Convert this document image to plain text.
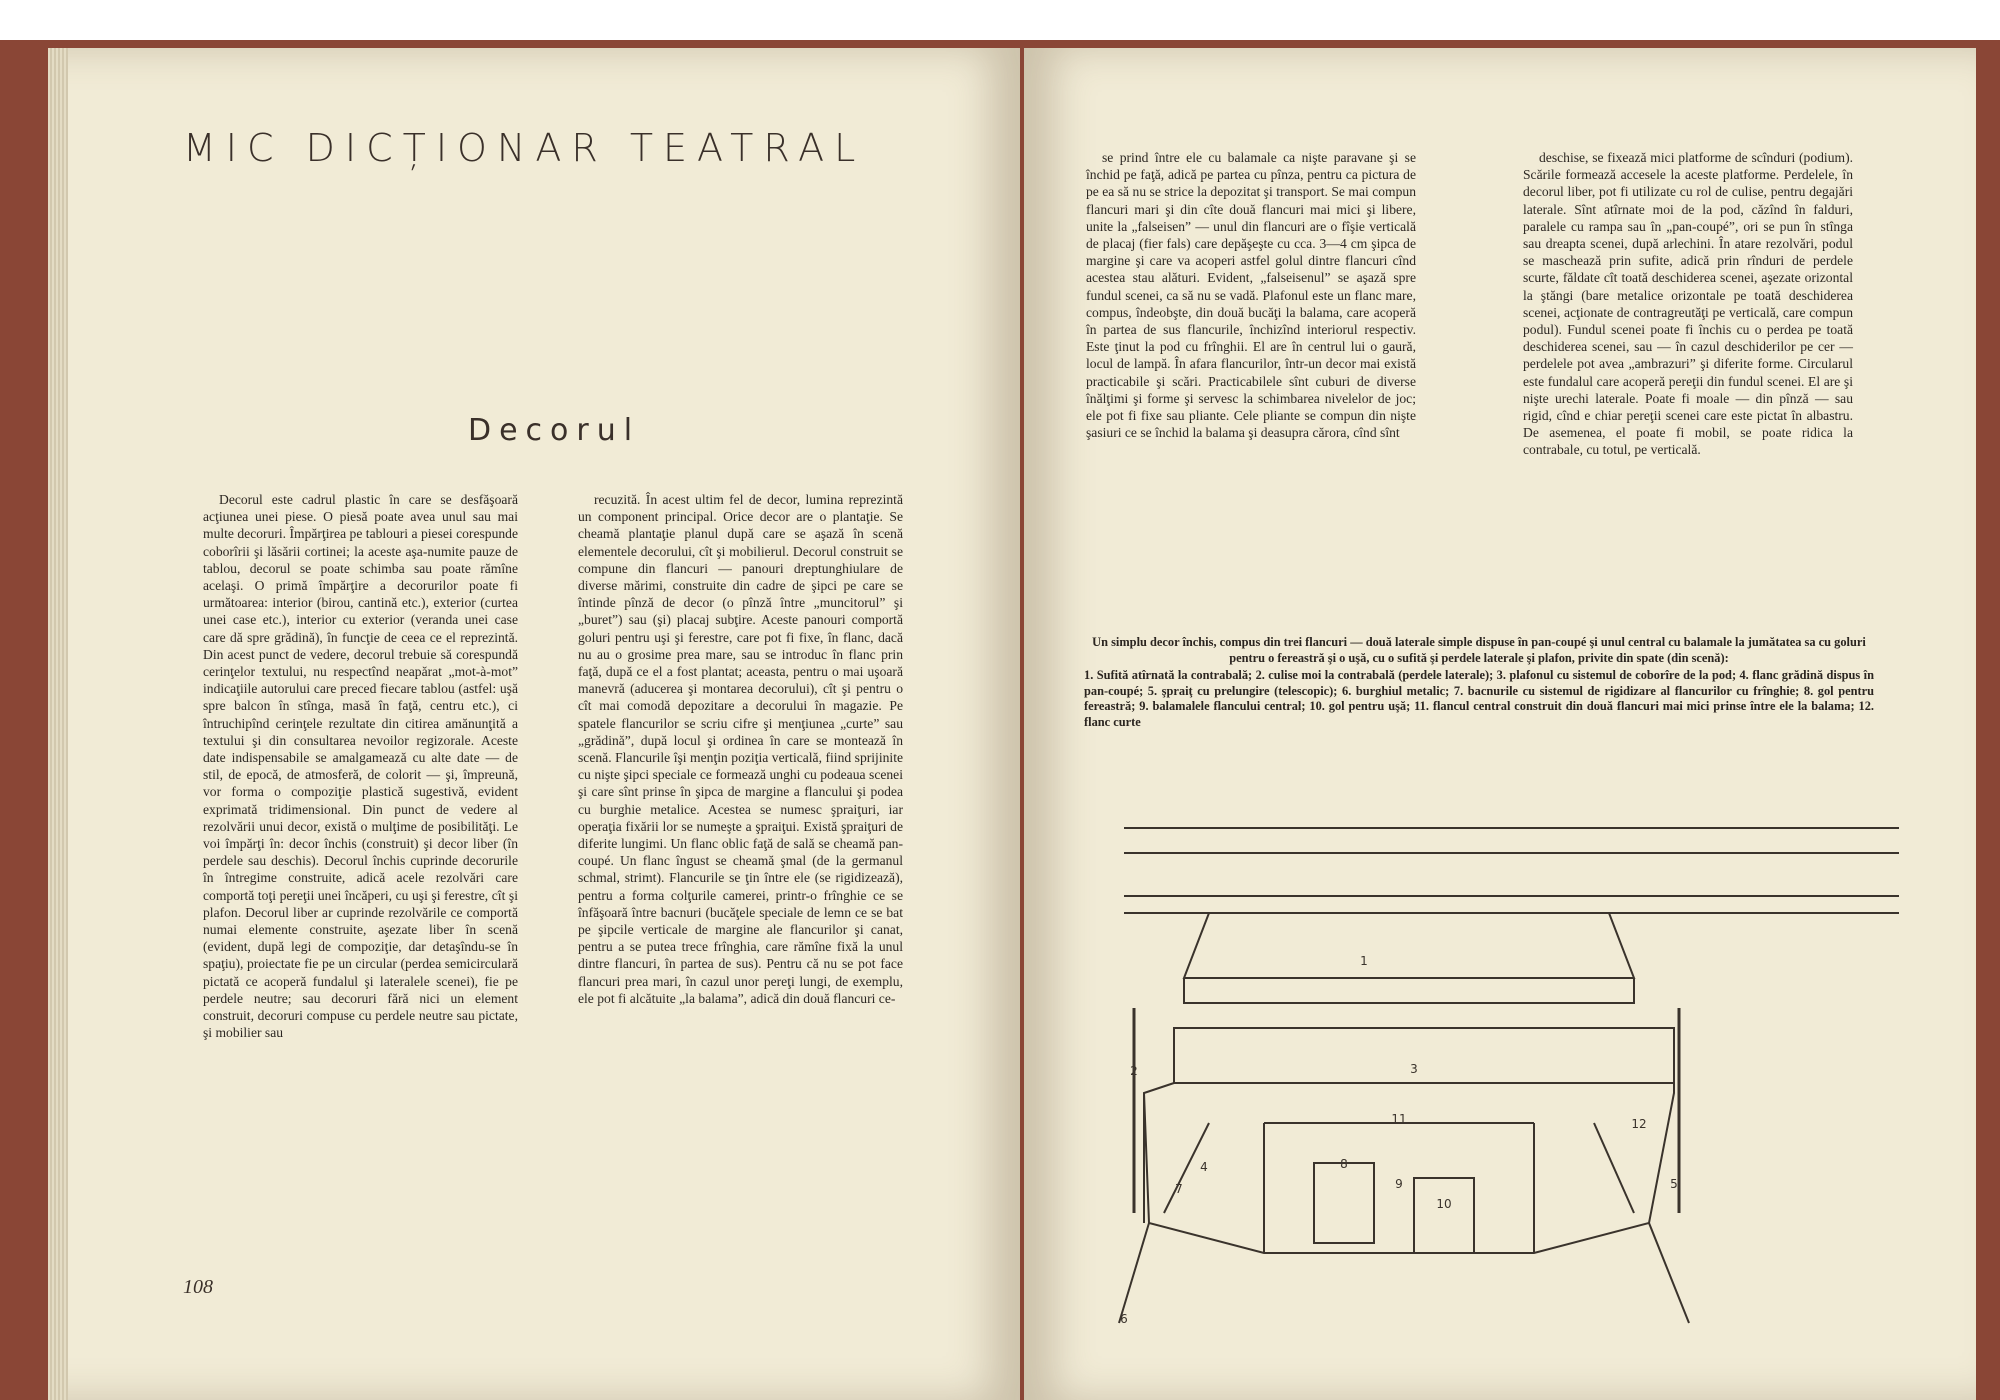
MIC DICȚIONAR TEATRAL
Decorul

Decorul este cadrul plastic în care se desfăşoară acţiunea unei piese. O piesă poate avea unul sau mai multe decoruri. Împărţirea pe tablouri a piesei corespunde coborîrii şi lăsării cortinei; la aceste aşa-numite pauze de tablou, decorul se poate schimba sau poate rămîne acelaşi. O primă împărţire a decorurilor poate fi următoarea: interior (birou, cantină etc.), exterior (curtea unei case etc.), interior cu exterior (veranda unei case care dă spre grădină), în funcţie de ceea ce el reprezintă. Din acest punct de vedere, decorul trebuie să corespundă cerinţelor textului, nu respectînd neapărat „mot-à-mot” indicaţiile autorului care preced fiecare tablou (astfel: uşă spre balcon în stînga, masă în faţă, centru etc.), ci întruchipînd cerinţele rezultate din citirea amănunţită a textului şi din consultarea nevoilor regizorale. Aceste date indispensabile se amalgamează cu alte date — de stil, de epocă, de atmosferă, de colorit — şi, împreună, vor forma o compoziţie plastică sugestivă, evident exprimată tridimensional. Din punct de vedere al rezolvării unui decor, există o mulţime de posibilităţi. Le voi împărţi în: decor închis (construit) şi decor liber (în perdele sau deschis). Decorul închis cuprinde decorurile în întregime construite, adică acele rezolvări care comportă toţi pereţii unei încăperi, cu uşi şi ferestre, cît şi plafon. Decorul liber ar cuprinde rezolvările ce comportă numai elemente construite, aşezate liber în scenă (evident, după legi de compoziţie, dar detaşîndu-se în spaţiu), proiectate fie pe un circular (perdea semicirculară pictată ce acoperă fundalul şi lateralele scenei), fie pe perdele neutre; sau decoruri fără nici un element construit, decoruri compuse cu perdele neutre sau pictate, şi mobilier sau

recuzită. În acest ultim fel de decor, lumina reprezintă un component principal. Orice decor are o plantaţie. Se cheamă plantaţie planul după care se aşază în scenă elementele decorului, cît şi mobilierul. Decorul construit se compune din flancuri — panouri dreptunghiulare de diverse mărimi, construite din cadre de şipci pe care se întinde pînză de decor (o pînză între „muncitorul” şi „buret”) sau (şi) placaj subţire. Aceste panouri comportă goluri pentru uşi şi ferestre, care pot fi fixe, în flanc, dacă nu au o grosime prea mare, sau se introduc în flanc prin faţă, după ce el a fost plantat; aceasta, pentru o mai uşoară manevră (aducerea şi montarea decorului), cît şi pentru o cît mai comodă depozitare a decorului în magazie. Pe spatele flancurilor se scriu cifre şi menţiunea „curte” sau „grădină”, după locul şi ordinea în care se montează în scenă. Flancurile îşi menţin poziţia verticală, fiind sprijinite cu nişte şipci speciale ce formează unghi cu podeaua scenei şi care sînt prinse în şipca de margine a flancului şi podea cu burghie metalice. Acestea se numesc şpraiţuri, iar operaţia fixării lor se numeşte a şpraiţui. Există şpraiţuri de diferite lungimi. Un flanc oblic faţă de sală se cheamă pan-coupé. Un flanc îngust se cheamă şmal (de la germanul schmal, strimt). Flancurile se ţin între ele (se rigidizează), pentru a forma colţurile camerei, printr-o frînghie ce se înfăşoară între bacnuri (bucăţele speciale de lemn ce se bat pe şipcile verticale de margine ale flancurilor şi canat, pentru a se putea trece frînghia, care rămîne fixă la unul dintre flancuri, în partea de sus). Pentru că nu se pot face flancuri prea mari, în cazul unor pereţi lungi, de exemplu, ele pot fi alcătuite „la balama”, adică din două flancuri ce-

108

se prind între ele cu balamale ca nişte paravane şi se închid pe faţă, adică pe partea cu pînza, pentru ca pictura de pe ea să nu se strice la depozitat şi transport. Se mai compun flancuri mari şi din cîte două flancuri mai mici şi libere, unite la „falseisen” — unul din flancuri are o fîşie verticală de placaj (fier fals) care depăşeşte cu cca. 3—4 cm şipca de margine şi care va acoperi astfel golul dintre flancuri cînd acestea stau alături. Evident, „falseisenul” se aşază spre fundul scenei, ca să nu se vadă. Plafonul este un flanc mare, compus, îndeobşte, din două bucăţi la balama, care acoperă în partea de sus flancurile, închizînd interiorul respectiv. Este ţinut la pod cu frînghii. El are în centrul lui o gaură, locul de lampă. În afara flancurilor, într-un decor mai există practicabile şi scări. Practicabilele sînt cuburi de diverse înălţimi şi forme şi servesc la schimbarea nivelelor de joc; ele pot fi fixe sau pliante. Cele pliante se compun din nişte şasiuri ce se închid la balama şi deasupra cărora, cînd sînt

deschise, se fixează mici platforme de scînduri (podium). Scările formează accesele la aceste platforme. Perdelele, în decorul liber, pot fi utilizate cu rol de culise, pentru degajări laterale. Sînt atîrnate moi de la pod, căzînd în falduri, paralele cu rampa sau în „pan-coupé”, ori se pun în stînga sau dreapta scenei, după arlechini. În atare rezolvări, podul se maschează prin sufite, adică prin rînduri de perdele scurte, făldate cît toată deschiderea scenei, aşezate orizontal la ştăngi (bare metalice orizontale pe toată deschiderea scenei, acţionate de contragreutăţi pe verticală, care compun podul). Fundul scenei poate fi închis cu o perdea pe toată deschiderea scenei, sau — în cazul deschiderilor pe cer — perdelele pot avea „ambrazuri” şi diferite forme. Circularul este fundalul care acoperă pereţii din fundul scenei. El are şi nişte urechi laterale. Poate fi moale — din pînză — sau rigid, cînd e chiar pereţii scenei care este pictat în albastru. De asemenea, el poate fi mobil, se poate ridica la contrabale, cu totul, pe verticală.

Un simplu decor închis, compus din trei flancuri — două laterale simple dispuse în pan-coupé şi unul central cu balamale la jumătatea sa cu goluri pentru o fereastră şi o uşă, cu o sufită şi perdele laterale şi plafon, privite din spate (din scenă):
1. Sufită atîrnată la contrabală; 2. culise moi la contrabală (perdele laterale); 3. plafonul cu sistemul de coborîre de la pod; 4. flanc grădină dispus în pan-coupé; 5. şpraiţ cu prelungire (telescopic); 6. burghiul metalic; 7. bacnurile cu sistemul de rigidizare al flancurilor cu frînghie; 8. gol pentru fereastră; 9. balamalele flancului central; 10. gol pentru uşă; 11. flancul central construit din două flancuri mai mici prinse între ele la balama; 12. flanc curte
1
2	3
4
5
6
7
8
9
10
11	12
